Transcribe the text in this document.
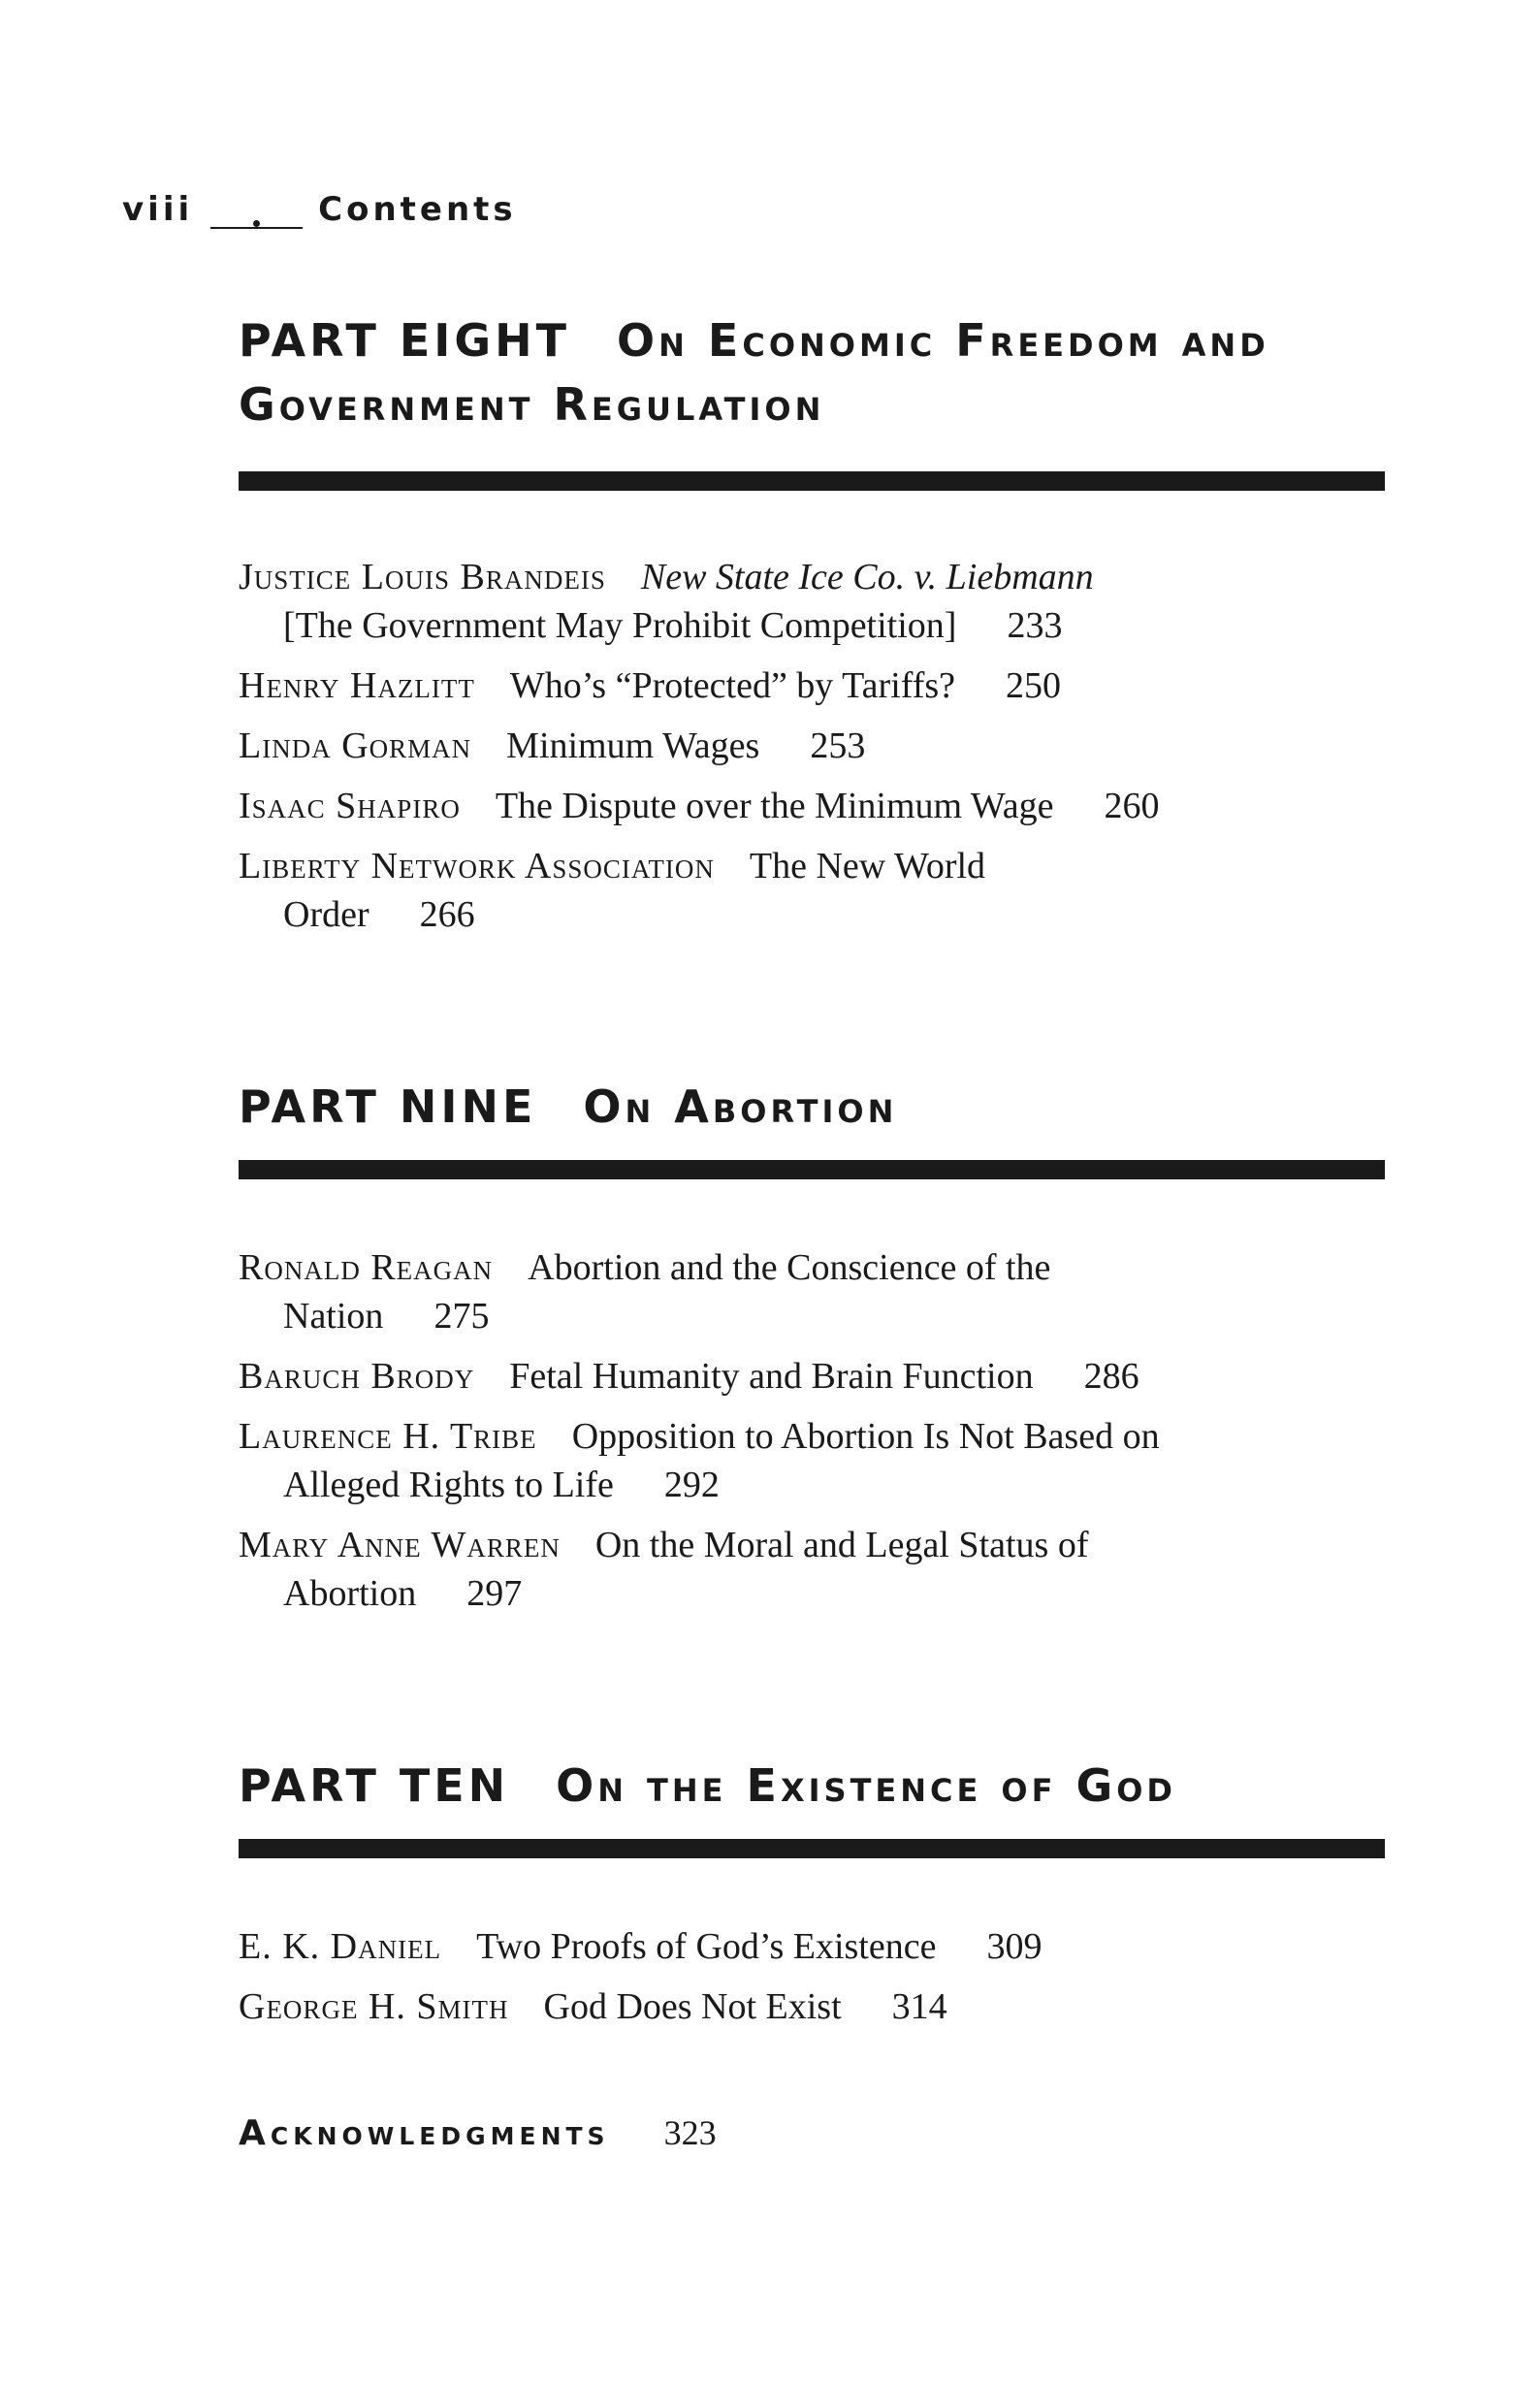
viii	Contents
PART EIGHT On Economic Freedom and
Government Regulation
Justice Louis Brandeis New State Ice Co. v. Liebmann
[The Government May Prohibit Competition] 233
Henry Hazlitt Who’s “Protected” by Tariffs? 250
Linda Gorman Minimum Wages 253
Isaac Shapiro The Dispute over the Minimum Wage 260
Liberty Network Association The New World
Order 266
PART NINE On Abortion
Ronald Reagan Abortion and the Conscience of the
Nation 275
Baruch Brody Fetal Humanity and Brain Function 286
Laurence H. Tribe Opposition to Abortion Is Not Based on
Alleged Rights to Life 292
Mary Anne Warren On the Moral and Legal Status of
Abortion 297
PART TEN On the Existence of God
E. K. Daniel Two Proofs of God’s Existence 309
George H. Smith God Does Not Exist 314
Acknowledgments 323
